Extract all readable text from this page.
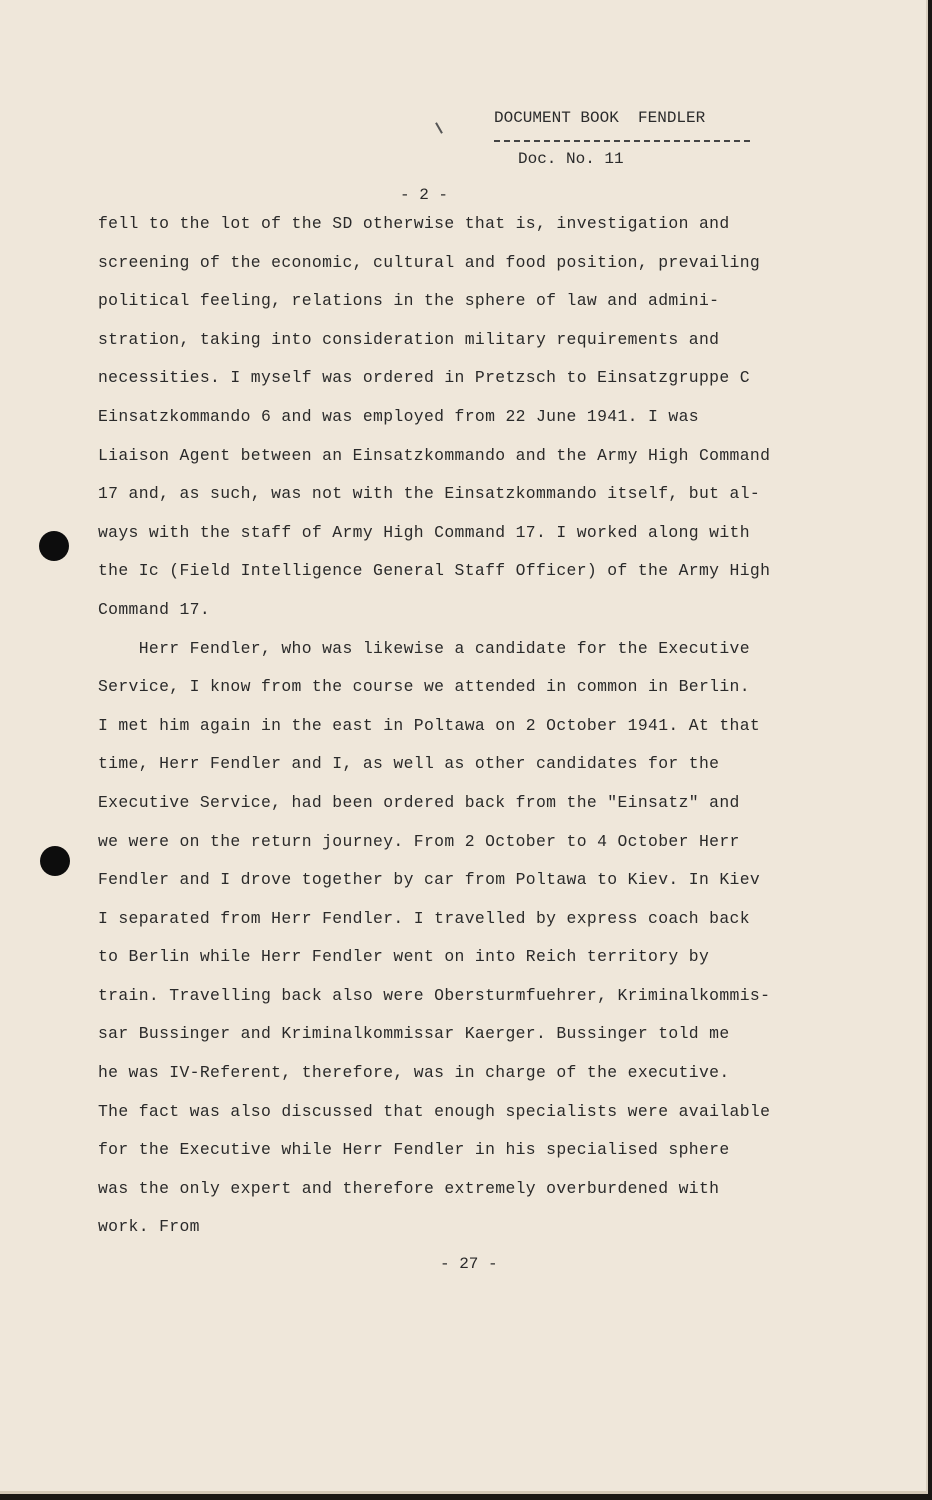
DOCUMENT BOOK  FENDLER
Doc. No. 11
- 2 -
fell to the lot of the SD otherwise that is, investigation and
screening of the economic, cultural and food position, prevailing
political feeling, relations in the sphere of law and admini-
stration, taking into consideration military requirements and
necessities. I myself was ordered in Pretzsch to Einsatzgruppe C
Einsatzkommando 6 and was employed from 22 June 1941. I was
Liaison Agent between an Einsatzkommando and the Army High Command
17 and, as such, was not with the Einsatzkommando itself, but al-
ways with the staff of Army High Command 17. I worked along with
the Ic (Field Intelligence General Staff Officer) of the Army High
Command 17.
Herr Fendler, who was likewise a candidate for the Executive
Service, I know from the course we attended in common in Berlin.
I met him again in the east in Poltawa on 2 October 1941. At that
time, Herr Fendler and I, as well as other candidates for the
Executive Service, had been ordered back from the "Einsatz" and
we were on the return journey. From 2 October to 4 October Herr
Fendler and I drove together by car from Poltawa to Kiev. In Kiev
I separated from Herr Fendler. I travelled by express coach back
to Berlin while Herr Fendler went on into Reich territory by
train. Travelling back also were Obersturmfuehrer, Kriminalkommis-
sar Bussinger and Kriminalkommissar Kaerger. Bussinger told me
he was IV-Referent, therefore, was in charge of the executive.
The fact was also discussed that enough specialists were available
for the Executive while Herr Fendler in his specialised sphere
was the only expert and therefore extremely overburdened with
work. From
- 27 -
